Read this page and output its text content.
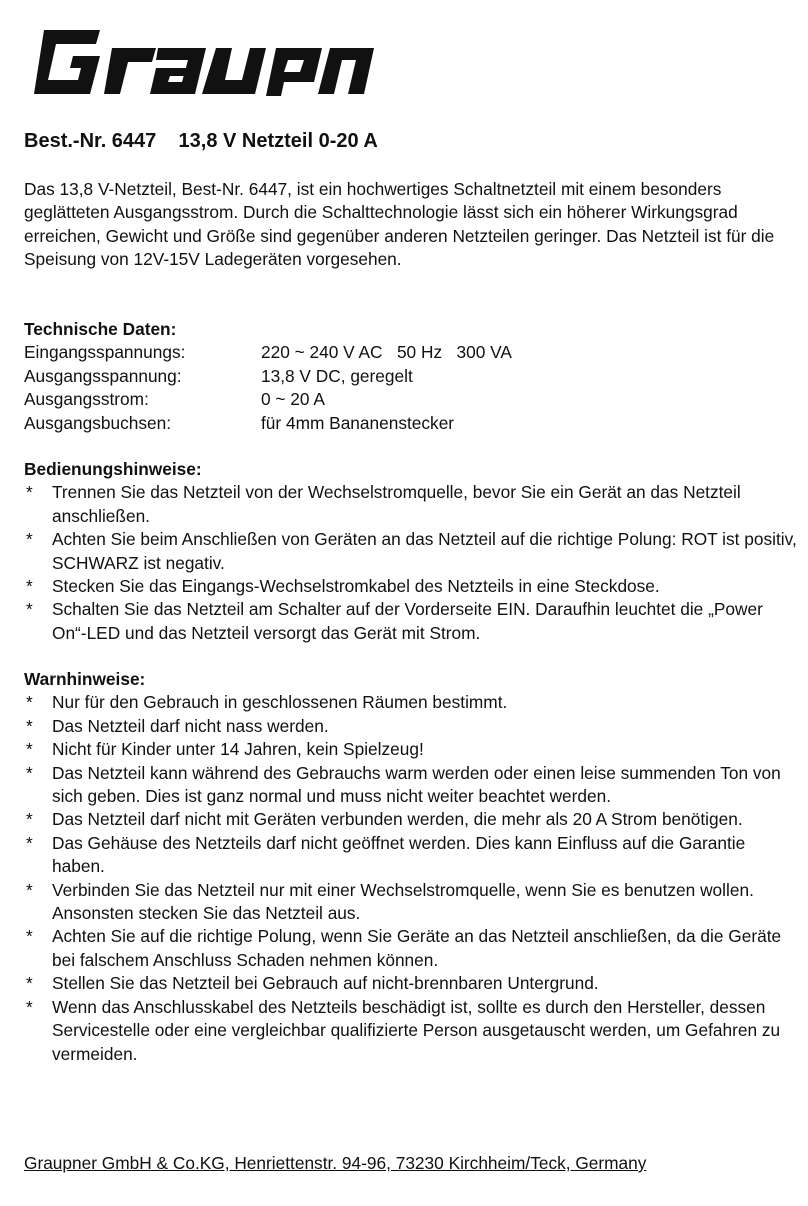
Best.-Nr. 6447    13,8 V Netzteil 0-20 A

Das 13,8 V-Netzteil, Best-Nr. 6447, ist ein hochwertiges Schaltnetzteil mit einem besonders geglätteten Ausgangsstrom. Durch die Schalttechnologie lässt sich ein höherer Wirkungsgrad erreichen, Gewicht und Größe sind gegenüber anderen Netzteilen geringer. Das Netzteil ist für die Speisung von 12V-15V Ladegeräten vorgesehen.

Technische Daten:

Eingangsspannungs:	220 ~ 240 V AC   50 Hz   300 VA
Ausgangsspannung:	13,8 V DC, geregelt
Ausgangsstrom:	0 ~ 20 A
Ausgangsbuchsen:	für 4mm Bananenstecker

Bedienungshinweise:

* Trennen Sie das Netzteil von der Wechselstromquelle, bevor Sie ein Gerät an das Netzteil anschließen.
* Achten Sie beim Anschließen von Geräten an das Netzteil auf die richtige Polung: ROT ist positiv, SCHWARZ ist negativ.
* Stecken Sie das Eingangs-Wechselstromkabel des Netzteils in eine Steckdose.
* Schalten Sie das Netzteil am Schalter auf der Vorderseite EIN. Daraufhin leuchtet die „Power On“-LED und das Netzteil versorgt das Gerät mit Strom.

Warnhinweise:

* Nur für den Gebrauch in geschlossenen Räumen bestimmt.
* Das Netzteil darf nicht nass werden.
* Nicht für Kinder unter 14 Jahren, kein Spielzeug!
* Das Netzteil kann während des Gebrauchs warm werden oder einen leise summenden Ton von sich geben. Dies ist ganz normal und muss nicht weiter beachtet werden.
* Das Netzteil darf nicht mit Geräten verbunden werden, die mehr als 20 A Strom benötigen.
* Das Gehäuse des Netzteils darf nicht geöffnet werden. Dies kann Einfluss auf die Garantie haben.
* Verbinden Sie das Netzteil nur mit einer Wechselstromquelle, wenn Sie es benutzen wollen. Ansonsten stecken Sie das Netzteil aus.
* Achten Sie auf die richtige Polung, wenn Sie Geräte an das Netzteil anschließen, da die Geräte bei falschem Anschluss Schaden nehmen können.
* Stellen Sie das Netzteil bei Gebrauch auf nicht-brennbaren Untergrund.
* Wenn das Anschlusskabel des Netzteils beschädigt ist, sollte es durch den Hersteller, dessen Servicestelle oder eine vergleichbar qualifizierte Person ausgetauscht werden, um Gefahren zu vermeiden.
Graupner GmbH & Co.KG, Henriettenstr. 94-96, 73230 Kirchheim/Teck, Germany
